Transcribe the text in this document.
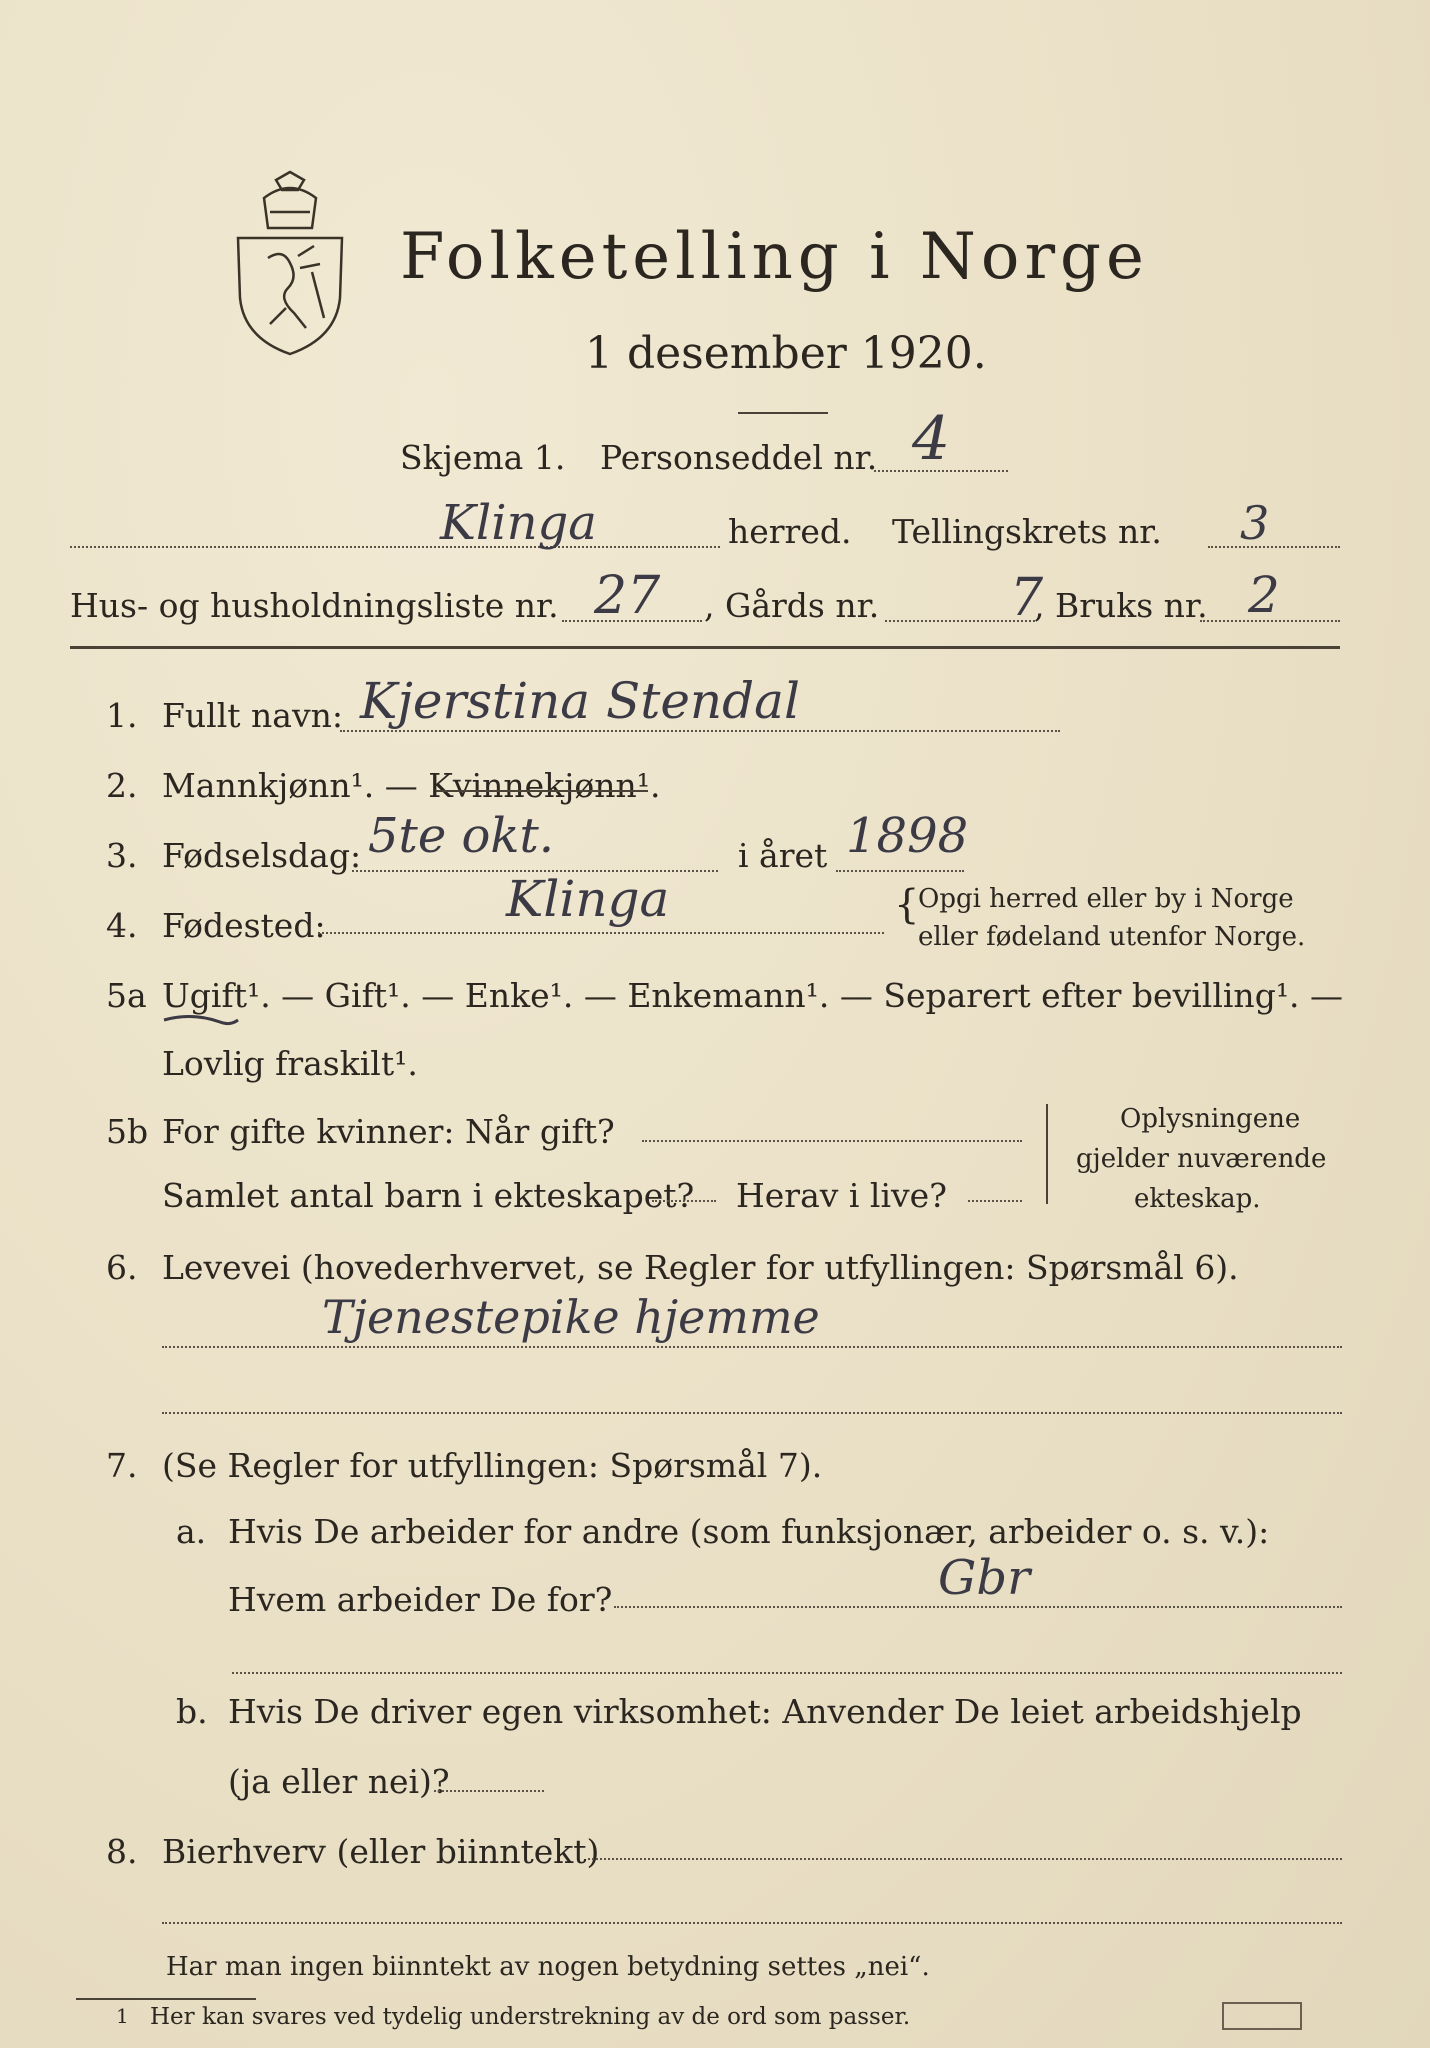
Folketelling i Norge
1 desember 1920.
Skjema 1. Personseddel nr. 4
Klinga	herred. Tellingskrets nr. 3
Hus- og husholdningsliste nr. 27 , Gårds nr.	7
, Bruks nr. 2
1. Fullt navn: Kjerstina Stendal
2. Mannkjønn¹. — Kvinnekjønn¹.
3. Fødselsdag: 5te okt.	i året 1898
4. Fødested:	Klinga	{
Opgi herred eller by i Norge
eller fødeland utenfor Norge.
5a Ugift¹. — Gift¹. — Enke¹. — Enkemann¹. — Separert efter bevilling¹. —
Lovlig fraskilt¹.
5b For gifte kvinner: Når gift?
Samlet antal barn i ekteskapet? Herav i live?
Oplysningene
gjelder nuværende
ekteskap.
6. Levevei (hovederhvervet, se Regler for utfyllingen: Spørsmål 6).
Tjenestepike hjemme
7. (Se Regler for utfyllingen: Spørsmål 7).
a. Hvis De arbeider for andre (som funksjonær, arbeider o. s. v.):
Hvem arbeider De for?	Gbr
b. Hvis De driver egen virksomhet: Anvender De leiet arbeidshjelp
(ja eller nei)?
8. Bierhverv (eller biinntekt)
Har man ingen biinntekt av nogen betydning settes „nei“.
1 Her kan svares ved tydelig understrekning av de ord som passer.
